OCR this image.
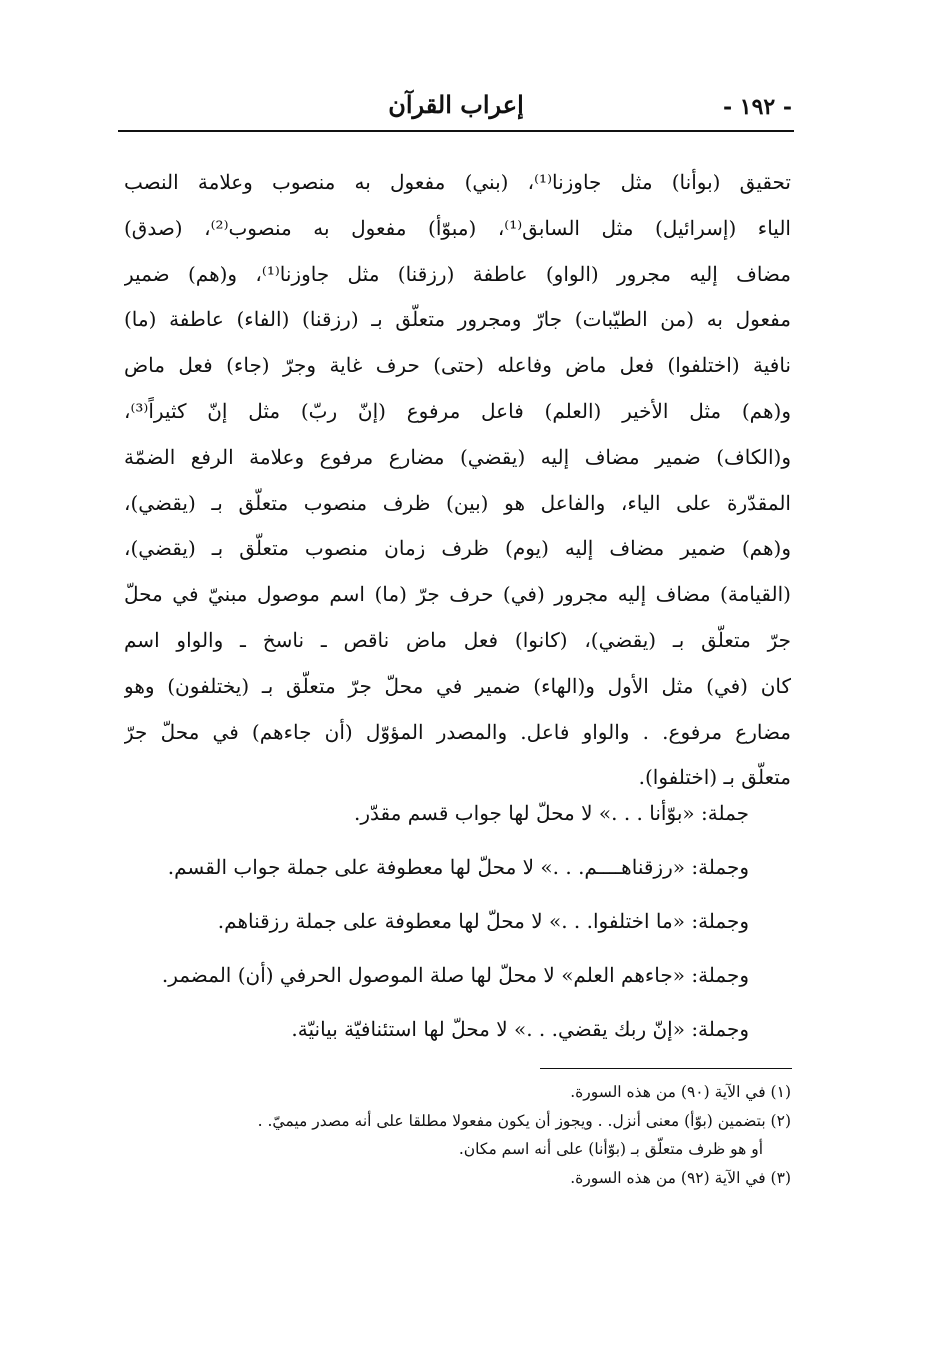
- ١٩٢ -
إعراب القرآن
تحقيق (بوأنا) مثل جاوزنا⁽¹⁾، (بني) مفعول به منصوب وعلامة النصب
الياء (إسرائيل) مثل السابق⁽¹⁾، (مبوّأ) مفعول به منصوب⁽²⁾، (صدق)
مضاف إليه مجرور (الواو) عاطفة (رزقنا) مثل جاوزنا⁽¹⁾، و(هم) ضمير
مفعول به (من الطيّبات) جارّ ومجرور متعلّق بـ (رزقنا) (الفاء) عاطفة (ما)
نافية (اختلفوا) فعل ماض وفاعله (حتى) حرف غاية وجرّ (جاء) فعل ماض
و(هم) مثل الأخير (العلم) فاعل مرفوع (إنّ ربّ) مثل إنّ كثيراً⁽³⁾،
و(الكاف) ضمير مضاف إليه (يقضي) مضارع مرفوع وعلامة الرفع الضمّة
المقدّرة على الياء، والفاعل هو (بين) ظرف منصوب متعلّق بـ (يقضي)،
و(هم) ضمير مضاف إليه (يوم) ظرف زمان منصوب متعلّق بـ (يقضي)،
(القيامة) مضاف إليه مجرور (في) حرف جرّ (ما) اسم موصول مبنيّ في محلّ
جرّ متعلّق بـ (يقضي)، (كانوا) فعل ماض ناقص ـ ناسخ ـ والواو اسم
كان (في) مثل الأول و(الهاء) ضمير في محلّ جرّ متعلّق بـ (يختلفون) وهو
مضارع مرفوع. . والواو فاعل. والمصدر المؤوّل (أن جاءهم) في محلّ جرّ
متعلّق بـ (اختلفوا).
جملة: «بوّأنا . . .» لا محلّ لها جواب قسم مقدّر.
وجملة: «رزقناهــــم. . .» لا محلّ لها معطوفة على جملة جواب القسم.
وجملة: «ما اختلفوا. . .» لا محلّ لها معطوفة على جملة رزقناهم.
وجملة: «جاءهم العلم» لا محلّ لها صلة الموصول الحرفي (أن) المضمر.
وجملة: «إنّ ربك يقضي. . .» لا محلّ لها استئنافيّة بيانيّة.
(١) في الآية (٩٠) من هذه السورة.
(٢) بتضمين (بوّأ) معنى أنزل. . ويجوز أن يكون مفعولا مطلقا على أنه مصدر ميميّ. .
أو هو ظرف متعلّق بـ (بوّأنا) على أنه اسم مكان.
(٣) في الآية (٩٢) من هذه السورة.
